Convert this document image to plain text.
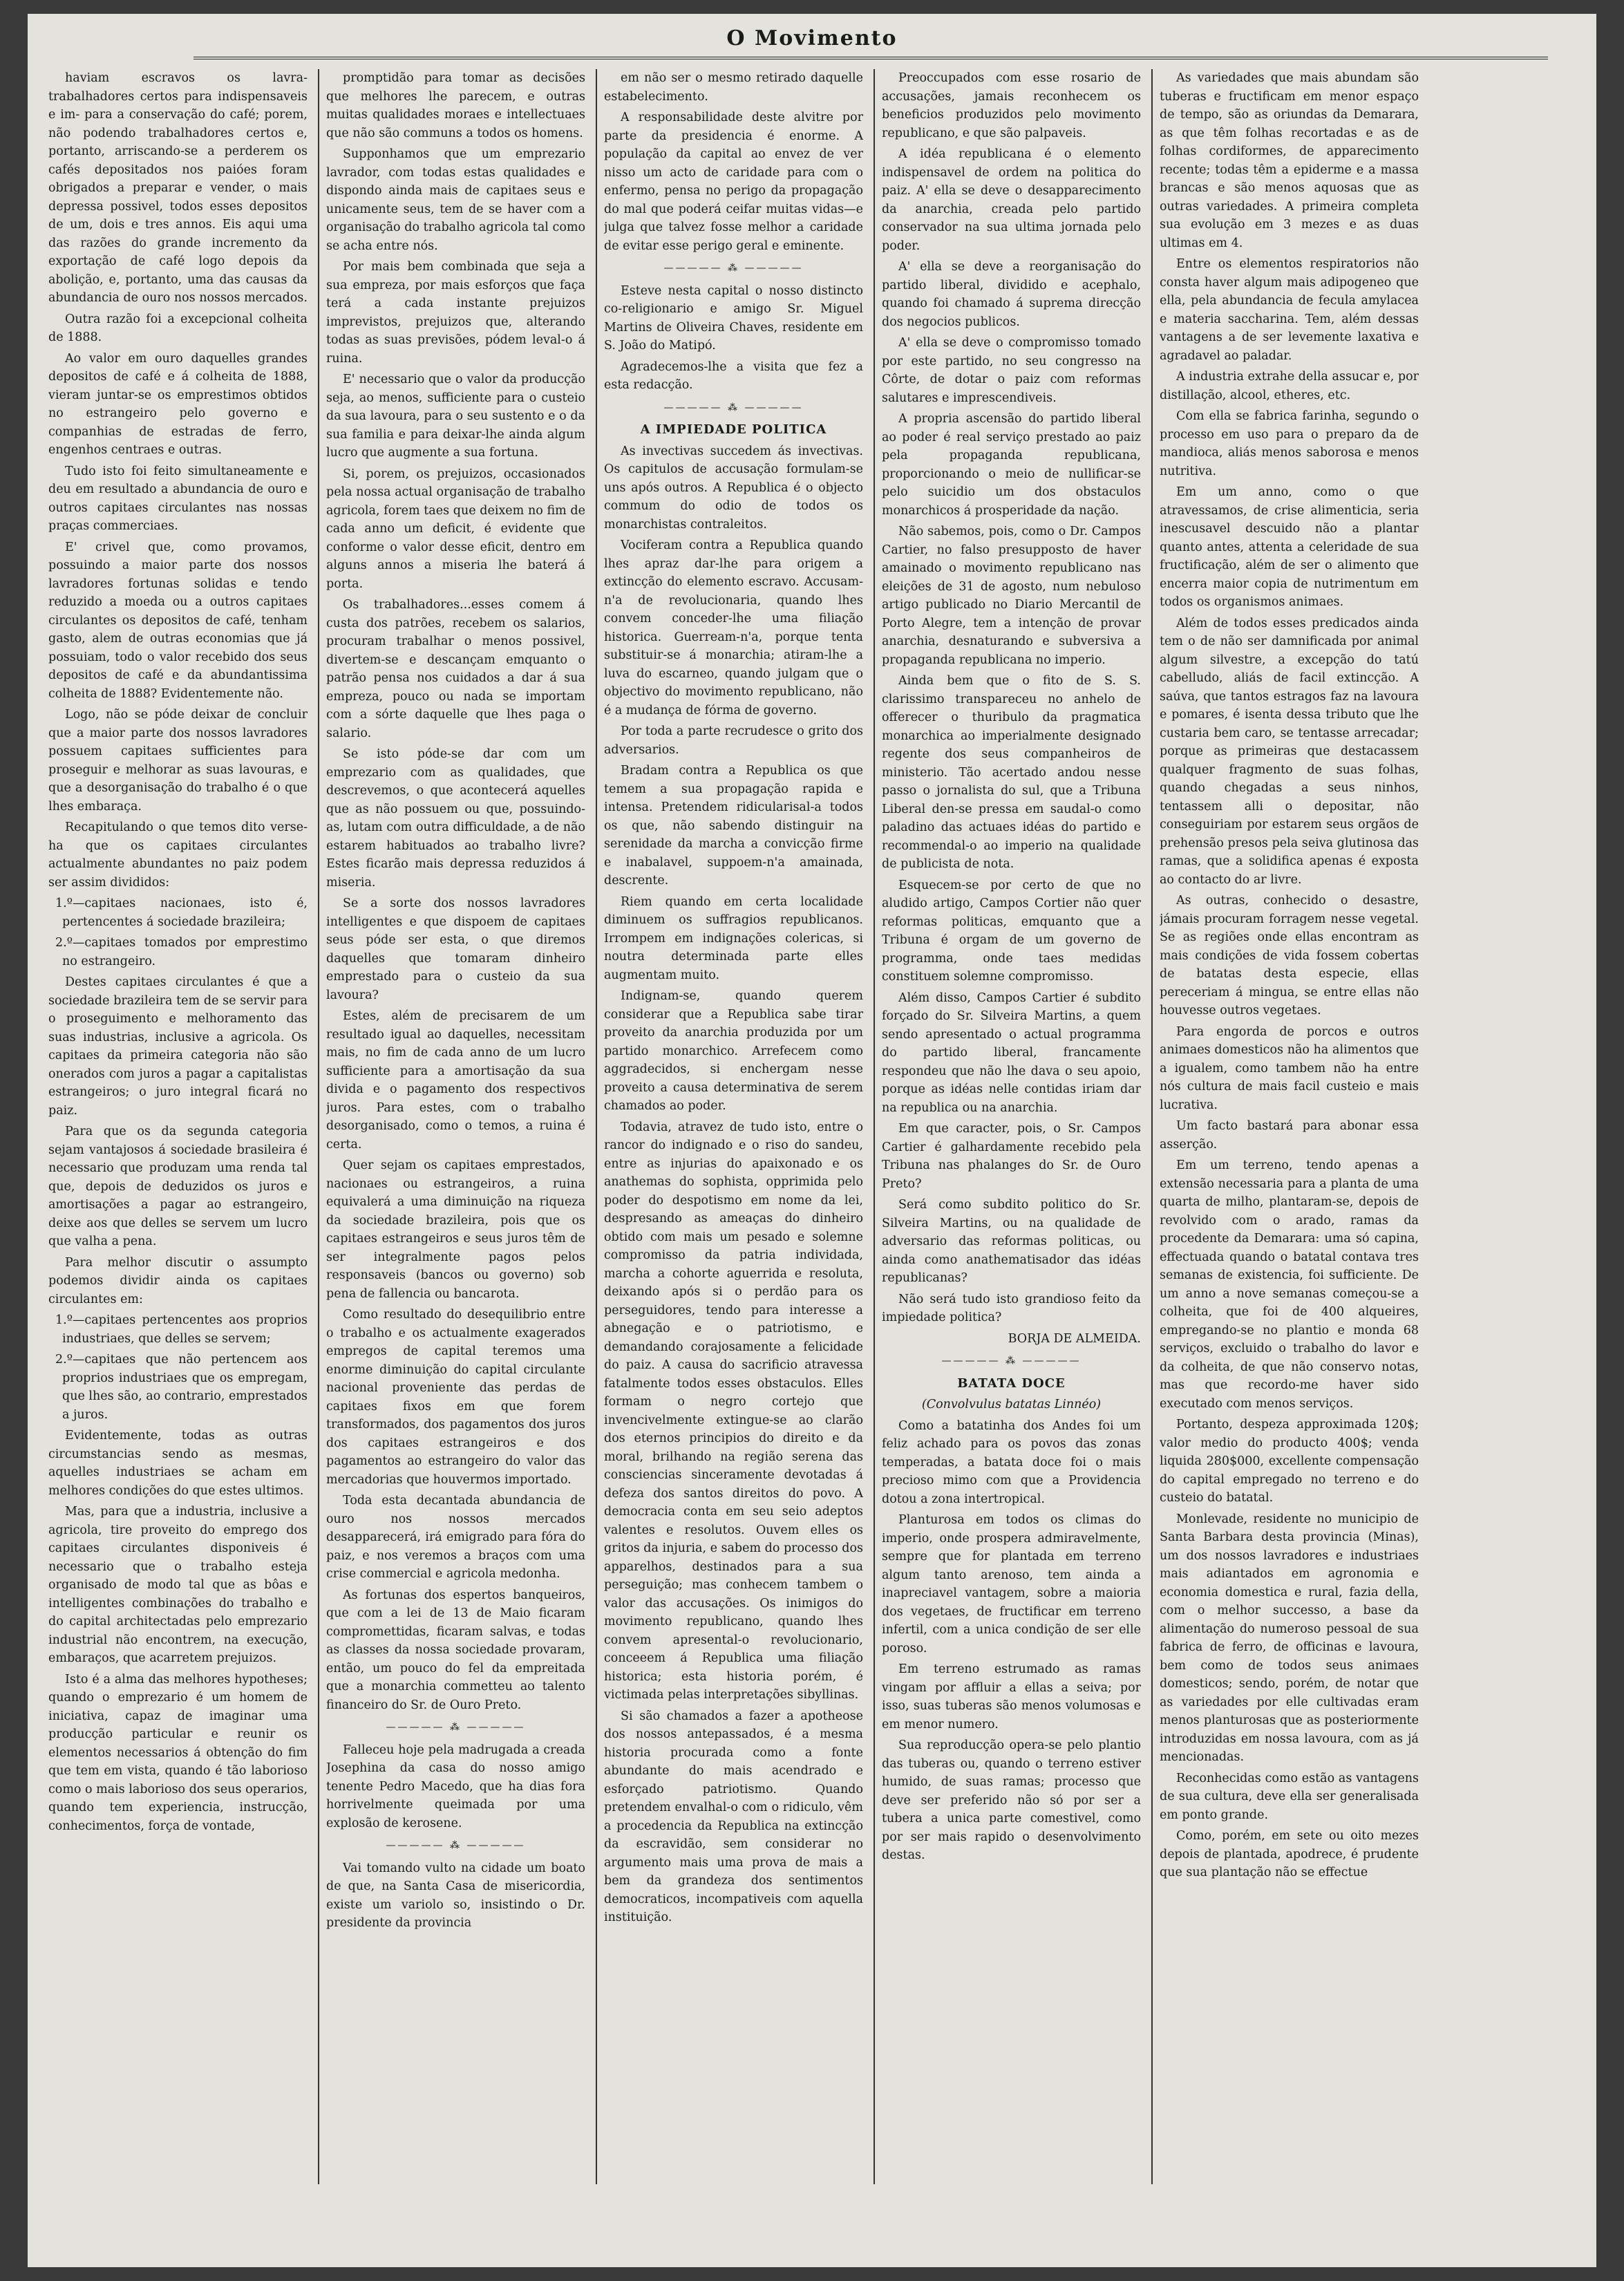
O Movimento

haviam escravos os lavra- trabalhadores certos para indispensaveis e im- para a conservação do café; porem, não podendo trabalhadores certos e, portanto, arriscando-se a perderem os cafés depositados nos paióes foram obrigados a preparar e vender, o mais depressa possivel, todos esses depositos de um, dois e tres annos. Eis aqui uma das razões do grande incremento da exportação de café logo depois da abolição, e, portanto, uma das causas da abundancia de ouro nos nossos mercados.

Outra razão foi a excepcional colheita de 1888.

Ao valor em ouro daquelles grandes depositos de café e á colheita de 1888, vieram juntar-se os emprestimos obtidos no estrangeiro pelo governo e companhias de estradas de ferro, engenhos centraes e outras.

Tudo isto foi feito simultaneamente e deu em resultado a abundancia de ouro e outros capitaes circulantes nas nossas praças commerciaes.

E' crivel que, como provamos, possuindo a maior parte dos nossos lavradores fortunas solidas e tendo reduzido a moeda ou a outros capitaes circulantes os depositos de café, tenham gasto, alem de outras economias que já possuiam, todo o valor recebido dos seus depositos de café e da abundantissima colheita de 1888? Evidentemente não.

Logo, não se póde deixar de concluir que a maior parte dos nossos lavradores possuem capitaes sufficientes para proseguir e melhorar as suas lavouras, e que a desorganisação do trabalho é o que lhes embaraça.

Recapitulando o que temos dito verse-ha que os capitaes circulantes actualmente abundantes no paiz podem ser assim divididos:

1.º—capitaes nacionaes, isto é, pertencentes á sociedade brazileira;

2.º—capitaes tomados por emprestimo no estrangeiro.

Destes capitaes circulantes é que a sociedade brazileira tem de se servir para o proseguimento e melhoramento das suas industrias, inclusive a agricola. Os capitaes da primeira categoria não são onerados com juros a pagar a capitalistas estrangeiros; o juro integral ficará no paiz.

Para que os da segunda categoria sejam vantajosos á sociedade brasileira é necessario que produzam uma renda tal que, depois de deduzidos os juros e amortisações a pagar ao estrangeiro, deixe aos que delles se servem um lucro que valha a pena.

Para melhor discutir o assumpto podemos dividir ainda os capitaes circulantes em:

1.º—capitaes pertencentes aos proprios industriaes, que delles se servem;

2.º—capitaes que não pertencem aos proprios industriaes que os empregam, que lhes são, ao contrario, emprestados a juros.

Evidentemente, todas as outras circumstancias sendo as mesmas, aquelles industriaes se acham em melhores condições do que estes ultimos.

Mas, para que a industria, inclusive a agricola, tire proveito do emprego dos capitaes circulantes disponiveis é necessario que o trabalho esteja organisado de modo tal que as bôas e intelligentes combinações do trabalho e do capital architectadas pelo emprezario industrial não encontrem, na execução, embaraços, que acarretem prejuizos.

Isto é a alma das melhores hypotheses; quando o emprezario é um homem de iniciativa, capaz de imaginar uma producção particular e reunir os elementos necessarios á obtenção do fim que tem em vista, quando é tão laborioso como o mais laborioso dos seus operarios, quando tem experiencia, instrucção, conhecimentos, força de vontade,

promptidão para tomar as decisões que melhores lhe parecem, e outras muitas qualidades moraes e intellectuaes que não são communs a todos os homens.

Supponhamos que um emprezario lavrador, com todas estas qualidades e dispondo ainda mais de capitaes seus e unicamente seus, tem de se haver com a organisação do trabalho agricola tal como se acha entre nós.

Por mais bem combinada que seja a sua empreza, por mais esforços que faça terá a cada instante prejuizos imprevistos, prejuizos que, alterando todas as suas previsões, pódem leval-o á ruina.

E' necessario que o valor da producção seja, ao menos, sufficiente para o custeio da sua lavoura, para o seu sustento e o da sua familia e para deixar-lhe ainda algum lucro que augmente a sua fortuna.

Si, porem, os prejuizos, occasionados pela nossa actual organisação de trabalho agricola, forem taes que deixem no fim de cada anno um deficit, é evidente que conforme o valor desse eficit, dentro em alguns annos a miseria lhe baterá á porta.

Os trabalhadores...esses comem á custa dos patrões, recebem os salarios, procuram trabalhar o menos possivel, divertem-se e descançam emquanto o patrão pensa nos cuidados a dar á sua empreza, pouco ou nada se importam com a sórte daquelle que lhes paga o salario.

Se isto póde-se dar com um emprezario com as qualidades, que descrevemos, o que acontecerá aquelles que as não possuem ou que, possuindo-as, lutam com outra difficuldade, a de não estarem habituados ao trabalho livre? Estes ficarão mais depressa reduzidos á miseria.

Se a sorte dos nossos lavradores intelligentes e que dispoem de capitaes seus póde ser esta, o que diremos daquelles que tomaram dinheiro emprestado para o custeio da sua lavoura?

Estes, além de precisarem de um resultado igual ao daquelles, necessitam mais, no fim de cada anno de um lucro sufficiente para a amortisação da sua divida e o pagamento dos respectivos juros. Para estes, com o trabalho desorganisado, como o temos, a ruina é certa.

Quer sejam os capitaes emprestados, nacionaes ou estrangeiros, a ruina equivalerá a uma diminuição na riqueza da sociedade brazileira, pois que os capitaes estrangeiros e seus juros têm de ser integralmente pagos pelos responsaveis (bancos ou governo) sob pena de fallencia ou bancarota.

Como resultado do desequilibrio entre o trabalho e os actualmente exagerados empregos de capital teremos uma enorme diminuição do capital circulante nacional proveniente das perdas de capitaes fixos em que forem transformados, dos pagamentos dos juros dos capitaes estrangeiros e dos pagamentos ao estrangeiro do valor das mercadorias que houvermos importado.

Toda esta decantada abundancia de ouro nos nossos mercados desapparecerá, irá emigrado para fóra do paiz, e nos veremos a braços com uma crise commercial e agricola medonha.

As fortunas dos espertos banqueiros, que com a lei de 13 de Maio ficaram compromettidas, ficaram salvas, e todas as classes da nossa sociedade provaram, então, um pouco do fel da empreitada que a monarchia commetteu ao talento financeiro do Sr. de Ouro Preto.

————— ⁂ —————

Falleceu hoje pela madrugada a creada Josephina da casa do nosso amigo tenente Pedro Macedo, que ha dias fora horrivelmente queimada por uma explosão de kerosene.

————— ⁂ —————

Vai tomando vulto na cidade um boato de que, na Santa Casa de misericordia, existe um variolo so, insistindo o Dr. presidente da provincia

em não ser o mesmo retirado daquelle estabelecimento.

A responsabilidade deste alvitre por parte da presidencia é enorme. A população da capital ao envez de ver nisso um acto de caridade para com o enfermo, pensa no perigo da propagação do mal que poderá ceifar muitas vidas—e julga que talvez fosse melhor a caridade de evitar esse perigo geral e eminente.

————— ⁂ —————

Esteve nesta capital o nosso distincto co-religionario e amigo Sr. Miguel Martins de Oliveira Chaves, residente em S. João do Matipó.

Agradecemos-lhe a visita que fez a esta redacção.

————— ⁂ —————

A IMPIEDADE POLITICA

As invectivas succedem ás invectivas. Os capitulos de accusação formulam-se uns após outros. A Republica é o objecto commum do odio de todos os monarchistas contraleitos.

Vociferam contra a Republica quando lhes apraz dar-lhe para origem a extincção do elemento escravo. Accusam-n'a de revolucionaria, quando lhes convem conceder-lhe uma filiação historica. Guerream-n'a, porque tenta substituir-se á monarchia; atiram-lhe a luva do escarneo, quando julgam que o objectivo do movimento republicano, não é a mudança de fórma de governo.

Por toda a parte recrudesce o grito dos adversarios.

Bradam contra a Republica os que temem a sua propagação rapida e intensa. Pretendem ridicularisal-a todos os que, não sabendo distinguir na serenidade da marcha a convicção firme e inabalavel, suppoem-n'a amainada, descrente.

Riem quando em certa localidade diminuem os suffragios republicanos. Irrompem em indignações colericas, si noutra determinada parte elles augmentam muito.

Indignam-se, quando querem considerar que a Republica sabe tirar proveito da anarchia produzida por um partido monarchico. Arrefecem como aggradecidos, si enchergam nesse proveito a causa determinativa de serem chamados ao poder.

Todavia, atravez de tudo isto, entre o rancor do indignado e o riso do sandeu, entre as injurias do apaixonado e os anathemas do sophista, opprimida pelo poder do despotismo em nome da lei, despresando as ameaças do dinheiro obtido com mais um pesado e solemne compromisso da patria individada, marcha a cohorte aguerrida e resoluta, deixando após si o perdão para os perseguidores, tendo para interesse a abnegação e o patriotismo, e demandando corajosamente a felicidade do paiz. A causa do sacrificio atravessa fatalmente todos esses obstaculos. Elles formam o negro cortejo que invencivelmente extingue-se ao clarão dos eternos principios do direito e da moral, brilhando na região serena das consciencias sinceramente devotadas á defeza dos santos direitos do povo. A democracia conta em seu seio adeptos valentes e resolutos. Ouvem elles os gritos da injuria, e sabem do processo dos apparelhos, destinados para a sua perseguição; mas conhecem tambem o valor das accusações. Os inimigos do movimento republicano, quando lhes convem apresental-o revolucionario, conceeem á Republica uma filiação historica; esta historia porém, é victimada pelas interpretações sibyllinas.

Si são chamados a fazer a apotheose dos nossos antepassados, é a mesma historia procurada como a fonte abundante do mais acendrado e esforçado patriotismo. Quando pretendem envalhal-o com o ridiculo, vêm a procedencia da Republica na extincção da escravidão, sem considerar no argumento mais uma prova de mais a bem da grandeza dos sentimentos democraticos, incompativeis com aquella instituição.

Preoccupados com esse rosario de accusações, jamais reconhecem os beneficios produzidos pelo movimento republicano, e que são palpaveis.

A idéa republicana é o elemento indispensavel de ordem na politica do paiz. A' ella se deve o desapparecimento da anarchia, creada pelo partido conservador na sua ultima jornada pelo poder.

A' ella se deve a reorganisação do partido liberal, dividido e acephalo, quando foi chamado á suprema direcção dos negocios publicos.

A' ella se deve o compromisso tomado por este partido, no seu congresso na Côrte, de dotar o paiz com reformas salutares e imprescendiveis.

A propria ascensão do partido liberal ao poder é real serviço prestado ao paiz pela propaganda republicana, proporcionando o meio de nullificar-se pelo suicidio um dos obstaculos monarchicos á prosperidade da nação.

Não sabemos, pois, como o Dr. Campos Cartier, no falso presupposto de haver amainado o movimento republicano nas eleições de 31 de agosto, num nebuloso artigo publicado no Diario Mercantil de Porto Alegre, tem a intenção de provar anarchia, desnaturando e subversiva a propaganda republicana no imperio.

Ainda bem que o fito de S. S. clarissimo transpareceu no anhelo de offerecer o thuribulo da pragmatica monarchica ao imperialmente designado regente dos seus companheiros de ministerio. Tão acertado andou nesse passo o jornalista do sul, que a Tribuna Liberal den-se pressa em saudal-o como paladino das actuaes idéas do partido e recommendal-o ao imperio na qualidade de publicista de nota.

Esquecem-se por certo de que no aludido artigo, Campos Cortier não quer reformas politicas, emquanto que a Tribuna é orgam de um governo de programma, onde taes medidas constituem solemne compromisso.

Além disso, Campos Cartier é subdito forçado do Sr. Silveira Martins, a quem sendo apresentado o actual programma do partido liberal, francamente respondeu que não lhe dava o seu apoio, porque as idéas nelle contidas iriam dar na republica ou na anarchia.

Em que caracter, pois, o Sr. Campos Cartier é galhardamente recebido pela Tribuna nas phalanges do Sr. de Ouro Preto?

Será como subdito politico do Sr. Silveira Martins, ou na qualidade de adversario das reformas politicas, ou ainda como anathematisador das idéas republicanas?

Não será tudo isto grandioso feito da impiedade politica?

BORJA DE ALMEIDA.

————— ⁂ —————

BATATA DOCE

(Convolvulus batatas Linnéo)

Como a batatinha dos Andes foi um feliz achado para os povos das zonas temperadas, a batata doce foi o mais precioso mimo com que a Providencia dotou a zona intertropical.

Planturosa em todos os climas do imperio, onde prospera admiravelmente, sempre que for plantada em terreno algum tanto arenoso, tem ainda a inapreciavel vantagem, sobre a maioria dos vegetaes, de fructificar em terreno infertil, com a unica condição de ser elle poroso.

Em terreno estrumado as ramas vingam por affluir a ellas a seiva; por isso, suas tuberas são menos volumosas e em menor numero.

Sua reproducção opera-se pelo plantio das tuberas ou, quando o terreno estiver humido, de suas ramas; processo que deve ser preferido não só por ser a tubera a unica parte comestivel, como por ser mais rapido o desenvolvimento destas.

As variedades que mais abundam são tuberas e fructificam em menor espaço de tempo, são as oriundas da Demarara, as que têm folhas recortadas e as de folhas cordiformes, de apparecimento recente; todas têm a epiderme e a massa brancas e são menos aquosas que as outras variedades. A primeira completa sua evolução em 3 mezes e as duas ultimas em 4.

Entre os elementos respiratorios não consta haver algum mais adipogeneo que ella, pela abundancia de fecula amylacea e materia saccharina. Tem, além dessas vantagens a de ser levemente laxativa e agradavel ao paladar.

A industria extrahe della assucar e, por distillação, alcool, etheres, etc.

Com ella se fabrica farinha, segundo o processo em uso para o preparo da de mandioca, aliás menos saborosa e menos nutritiva.

Em um anno, como o que atravessamos, de crise alimenticia, seria inescusavel descuido não a plantar quanto antes, attenta a celeridade de sua fructificação, além de ser o alimento que encerra maior copia de nutrimentum em todos os organismos animaes.

Além de todos esses predicados ainda tem o de não ser damnificada por animal algum silvestre, a excepção do tatú cabelludo, aliás de facil extincção. A saúva, que tantos estragos faz na lavoura e pomares, é isenta dessa tributo que lhe custaria bem caro, se tentasse arrecadar; porque as primeiras que destacassem qualquer fragmento de suas folhas, quando chegadas a seus ninhos, tentassem alli o depositar, não conseguiriam por estarem seus orgãos de prehensão presos pela seiva glutinosa das ramas, que a solidifica apenas é exposta ao contacto do ar livre.

As outras, conhecido o desastre, jámais procuram forragem nesse vegetal. Se as regiões onde ellas encontram as mais condições de vida fossem cobertas de batatas desta especie, ellas pereceriam á mingua, se entre ellas não houvesse outros vegetaes.

Para engorda de porcos e outros animaes domesticos não ha alimentos que a igualem, como tambem não ha entre nós cultura de mais facil custeio e mais lucrativa.

Um facto bastará para abonar essa asserção.

Em um terreno, tendo apenas a extensão necessaria para a planta de uma quarta de milho, plantaram-se, depois de revolvido com o arado, ramas da procedente da Demarara: uma só capina, effectuada quando o batatal contava tres semanas de existencia, foi sufficiente. De um anno a nove semanas começou-se a colheita, que foi de 400 alqueires, empregando-se no plantio e monda 68 serviços, excluido o trabalho do lavor e da colheita, de que não conservo notas, mas que recordo-me haver sido executado com menos serviços.

Portanto, despeza approximada 120$; valor medio do producto 400$; venda liquida 280$000, excellente compensação do capital empregado no terreno e do custeio do batatal.

Monlevade, residente no municipio de Santa Barbara desta provincia (Minas), um dos nossos lavradores e industriaes mais adiantados em agronomia e economia domestica e rural, fazia della, com o melhor successo, a base da alimentação do numeroso pessoal de sua fabrica de ferro, de officinas e lavoura, bem como de todos seus animaes domesticos; sendo, porém, de notar que as variedades por elle cultivadas eram menos planturosas que as posteriormente introduzidas em nossa lavoura, com as já mencionadas.

Reconhecidas como estão as vantagens de sua cultura, deve ella ser generalisada em ponto grande.

Como, porém, em sete ou oito mezes depois de plantada, apodrece, é prudente que sua plantação não se effectue
